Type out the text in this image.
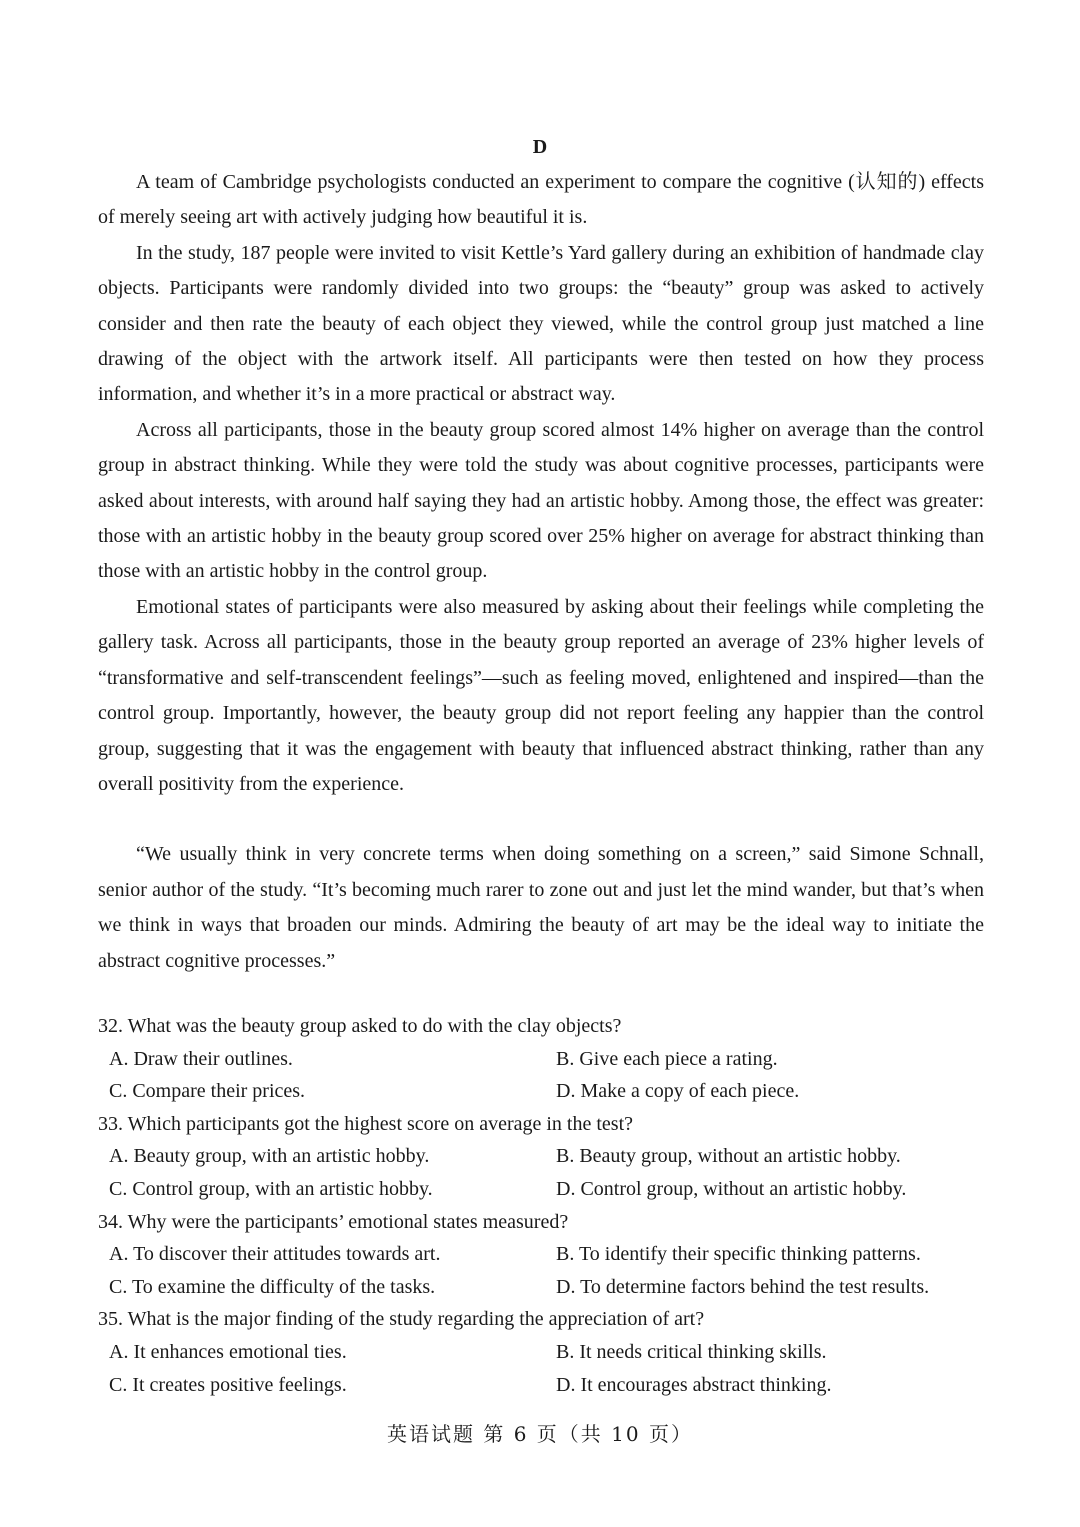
D

A team of Cambridge psychologists conducted an experiment to compare the cognitive (认知的) effects of merely seeing art with actively judging how beautiful it is.

In the study, 187 people were invited to visit Kettle’s Yard gallery during an exhibition of handmade clay objects. Participants were randomly divided into two groups: the “beauty” group was asked to actively consider and then rate the beauty of each object they viewed, while the control group just matched a line drawing of the object with the artwork itself. All participants were then tested on how they process information, and whether it’s in a more practical or abstract way.

Across all participants, those in the beauty group scored almost 14% higher on average than the control group in abstract thinking. While they were told the study was about cognitive processes, participants were asked about interests, with around half saying they had an artistic hobby. Among those, the effect was greater: those with an artistic hobby in the beauty group scored over 25% higher on average for abstract thinking than those with an artistic hobby in the control group.

Emotional states of participants were also measured by asking about their feelings while completing the gallery task. Across all participants, those in the beauty group reported an average of 23% higher levels of “transformative and self-transcendent feelings”—such as feeling moved, enlightened and inspired—than the control group. Importantly, however, the beauty group did not report feeling any happier than the control group, suggesting that it was the engagement with beauty that influenced abstract thinking, rather than any overall positivity from the experience.

“We usually think in very concrete terms when doing something on a screen,” said Simone Schnall, senior author of the study. “It’s becoming much rarer to zone out and just let the mind wander, but that’s when we think in ways that broaden our minds. Admiring the beauty of art may be the ideal way to initiate the abstract cognitive processes.”

32. What was the beauty group asked to do with the clay objects?

A. Draw their outlines.	B. Give each piece a rating.
C. Compare their prices.	D. Make a copy of each piece.

33. Which participants got the highest score on average in the test?

A. Beauty group, with an artistic hobby.	B. Beauty group, without an artistic hobby.
C. Control group, with an artistic hobby.	D. Control group, without an artistic hobby.

34. Why were the participants’ emotional states measured?

A. To discover their attitudes towards art.	B. To identify their specific thinking patterns.
C. To examine the difficulty of the tasks.	D. To determine factors behind the test results.

35. What is the major finding of the study regarding the appreciation of art?

A. It enhances emotional ties.	B. It needs critical thinking skills.
C. It creates positive feelings.	D. It encourages abstract thinking.
英语试题 第 6 页（共 10 页）
